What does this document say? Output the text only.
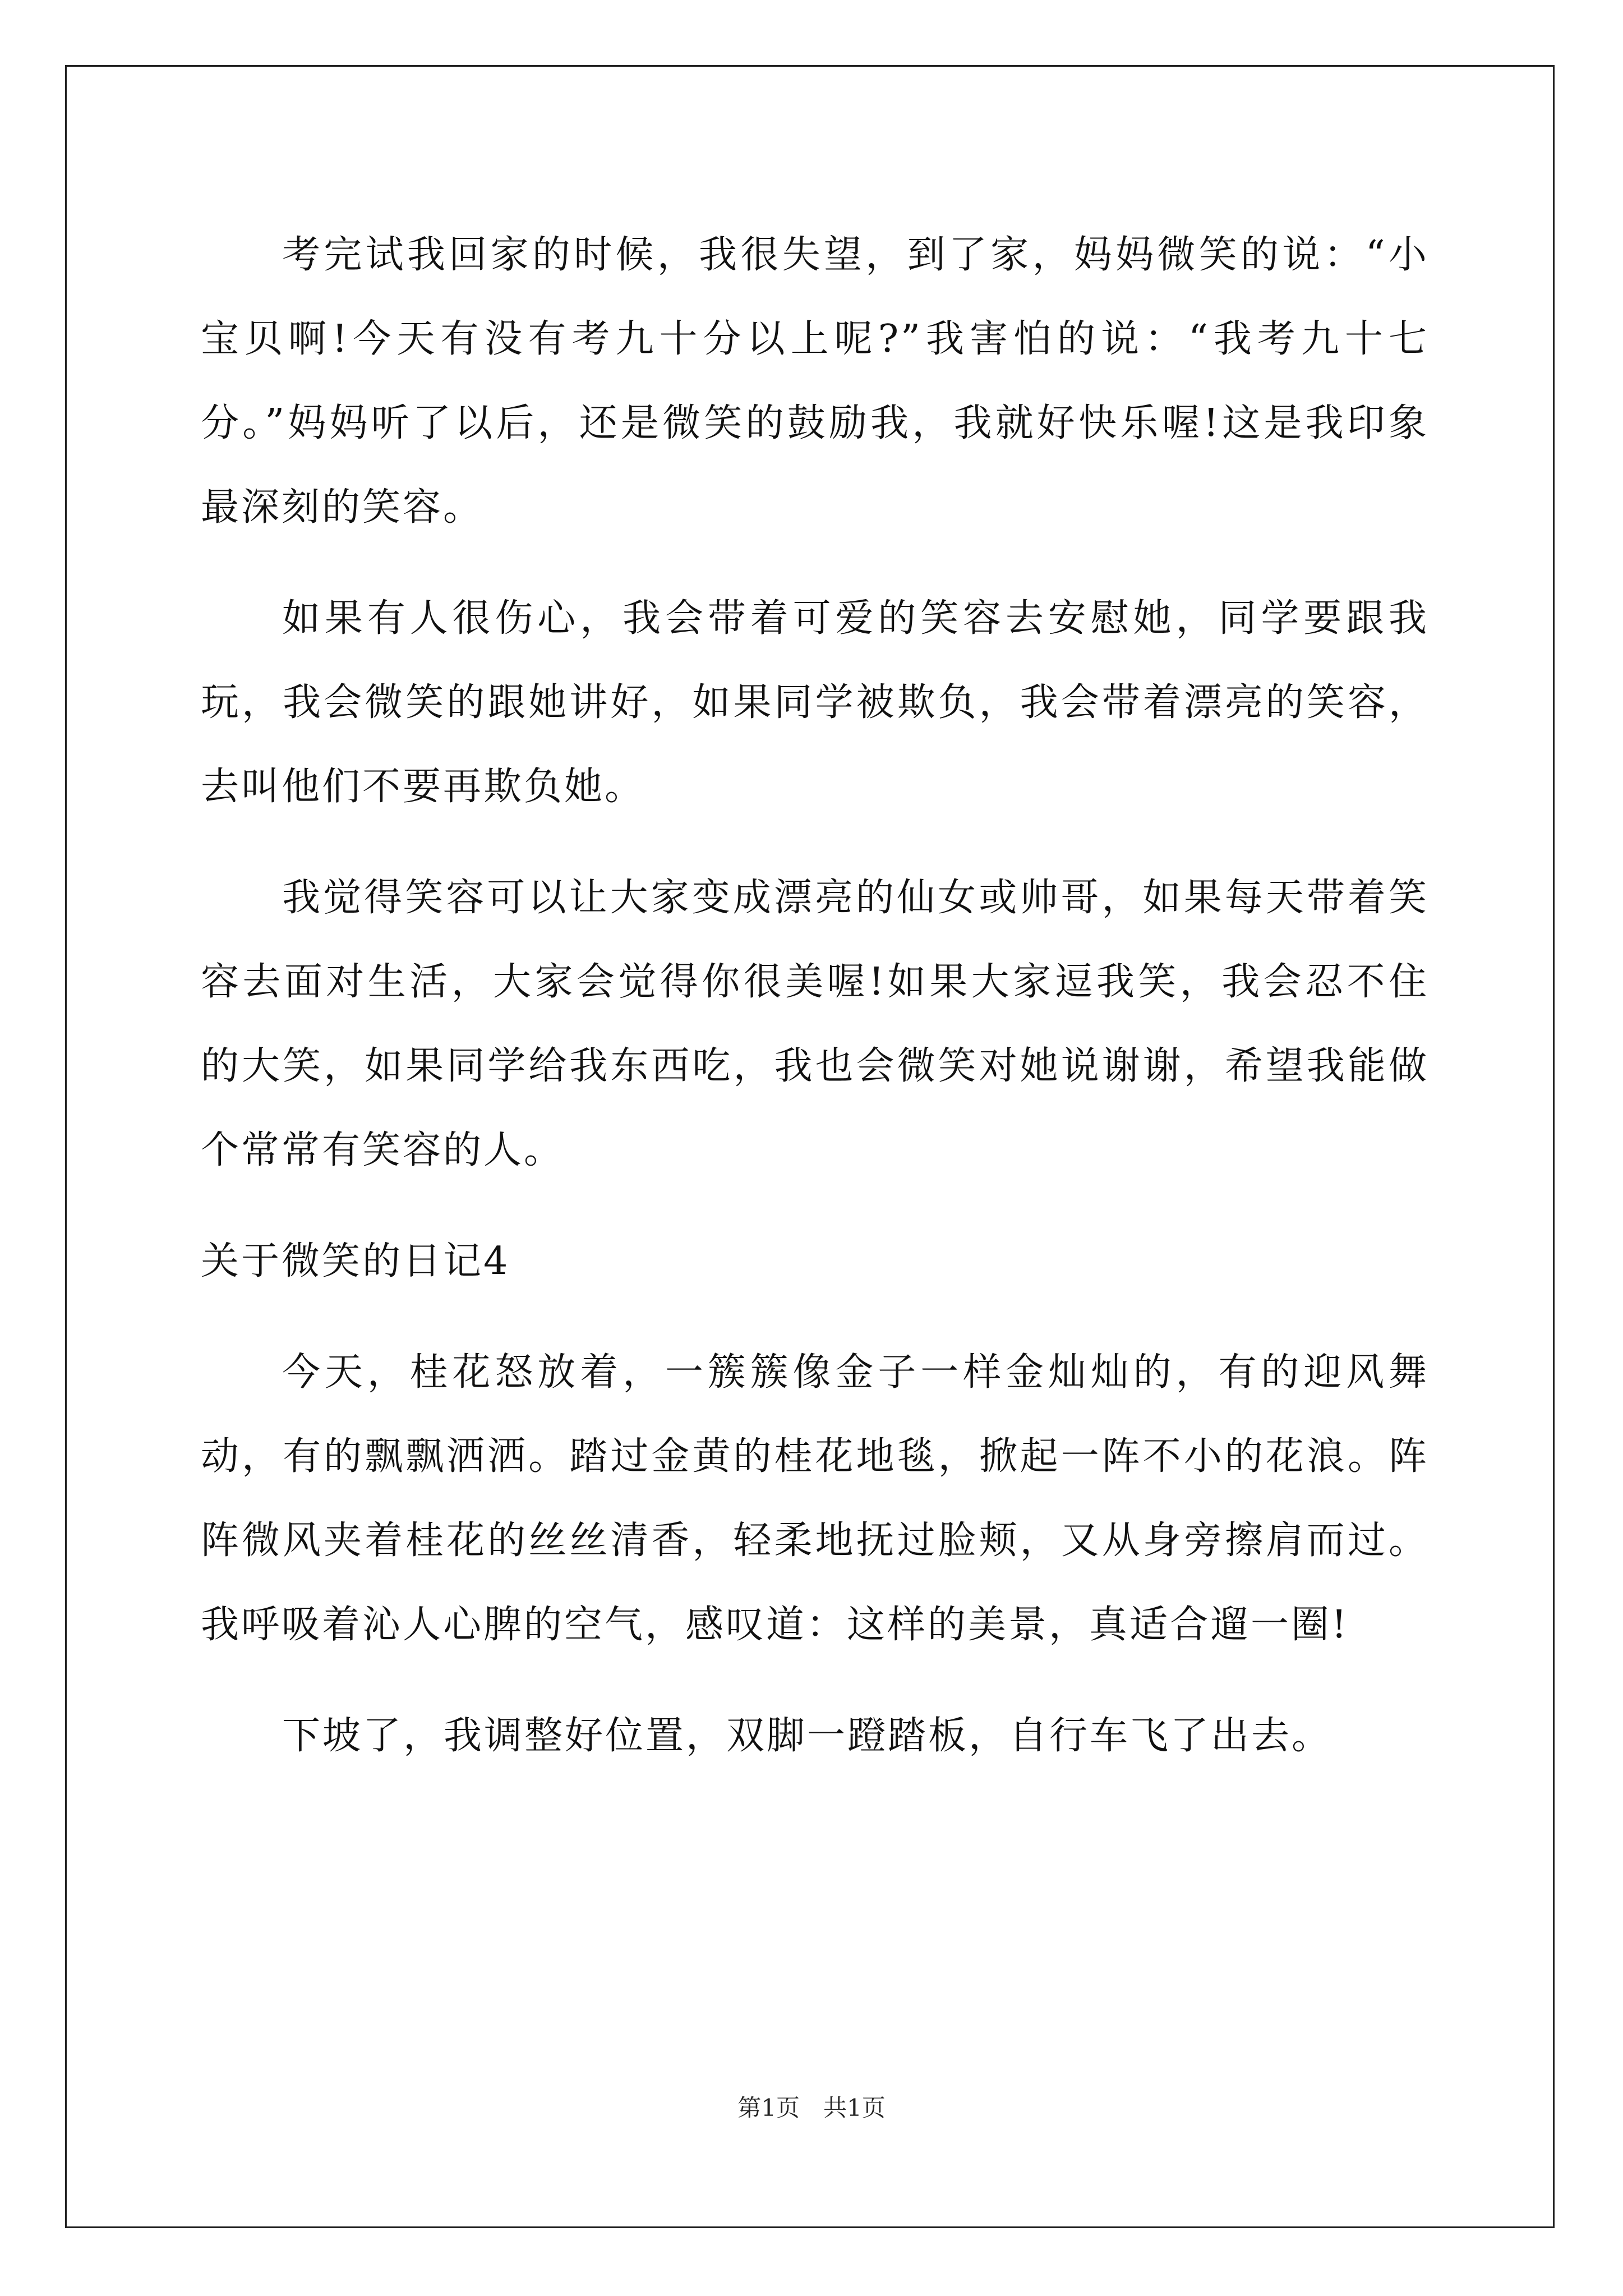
考完试我回家的时候，我很失望，到了家，妈妈微笑的说：“小宝贝啊!今天有没有考九十分以上呢?”我害怕的说：“我考九十七分。”妈妈听了以后，还是微笑的鼓励我，我就好快乐喔!这是我印象最深刻的笑容。

如果有人很伤心，我会带着可爱的笑容去安慰她，同学要跟我玩，我会微笑的跟她讲好，如果同学被欺负，我会带着漂亮的笑容，去叫他们不要再欺负她。

我觉得笑容可以让大家变成漂亮的仙女或帅哥，如果每天带着笑容去面对生活，大家会觉得你很美喔!如果大家逗我笑，我会忍不住的大笑，如果同学给我东西吃，我也会微笑对她说谢谢，希望我能做个常常有笑容的人。

关于微笑的日记4

今天，桂花怒放着，一簇簇像金子一样金灿灿的，有的迎风舞动，有的飘飘洒洒。踏过金黄的桂花地毯，掀起一阵不小的花浪。阵阵微风夹着桂花的丝丝清香，轻柔地抚过脸颊，又从身旁擦肩而过。我呼吸着沁人心脾的空气，感叹道：这样的美景，真适合遛一圈!

下坡了，我调整好位置，双脚一蹬踏板，自行车飞了出去。

第1页　共1页
